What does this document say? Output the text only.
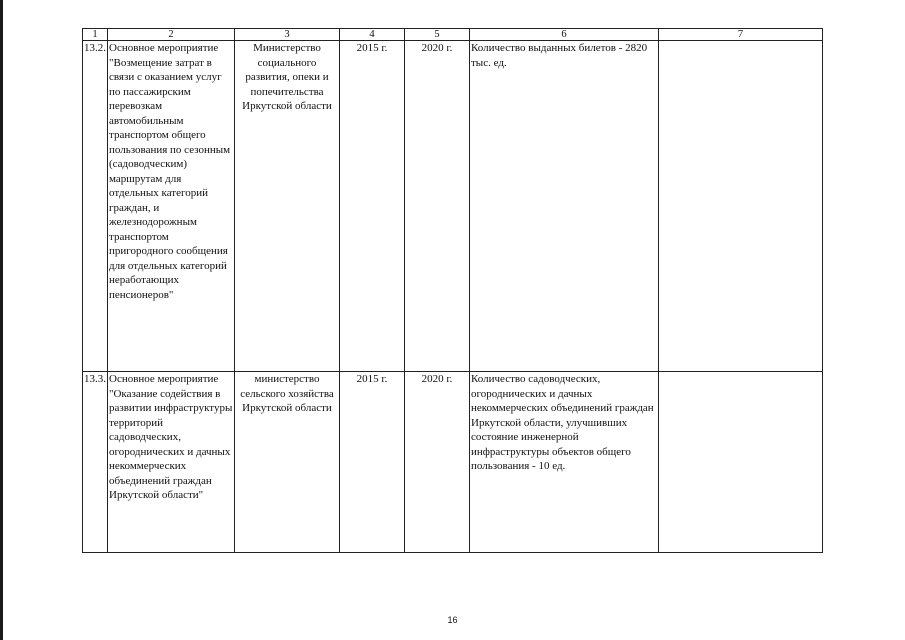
1	2	3	4	5	6	7
13.2.	Основное мероприятие "Возмещение затрат в связи с оказанием услуг по пассажирским перевозкам автомобильным транспортом общего пользования по сезонным (садоводческим) маршрутам для отдельных категорий граждан, и железнодорожным транспортом пригородного сообщения для отдельных категорий неработающих пенсионеров"	Министерство социального развития, опеки и попечительства Иркутской области	2015 г.	2020 г.	Количество выданных билетов - 2820 тыс. ед.	
13.3.	Основное мероприятие "Оказание содействия в развитии инфраструктуры территорий садоводческих, огороднических и дачных некоммерческих объединений граждан Иркутской области"	министерство сельского хозяйства Иркутской области	2015 г.	2020 г.	Количество садоводческих, огороднических и дачных некоммерческих объединений граждан Иркутской области, улучшивших состояние инженерной инфраструктуры объектов общего пользования - 10 ед.	
16
